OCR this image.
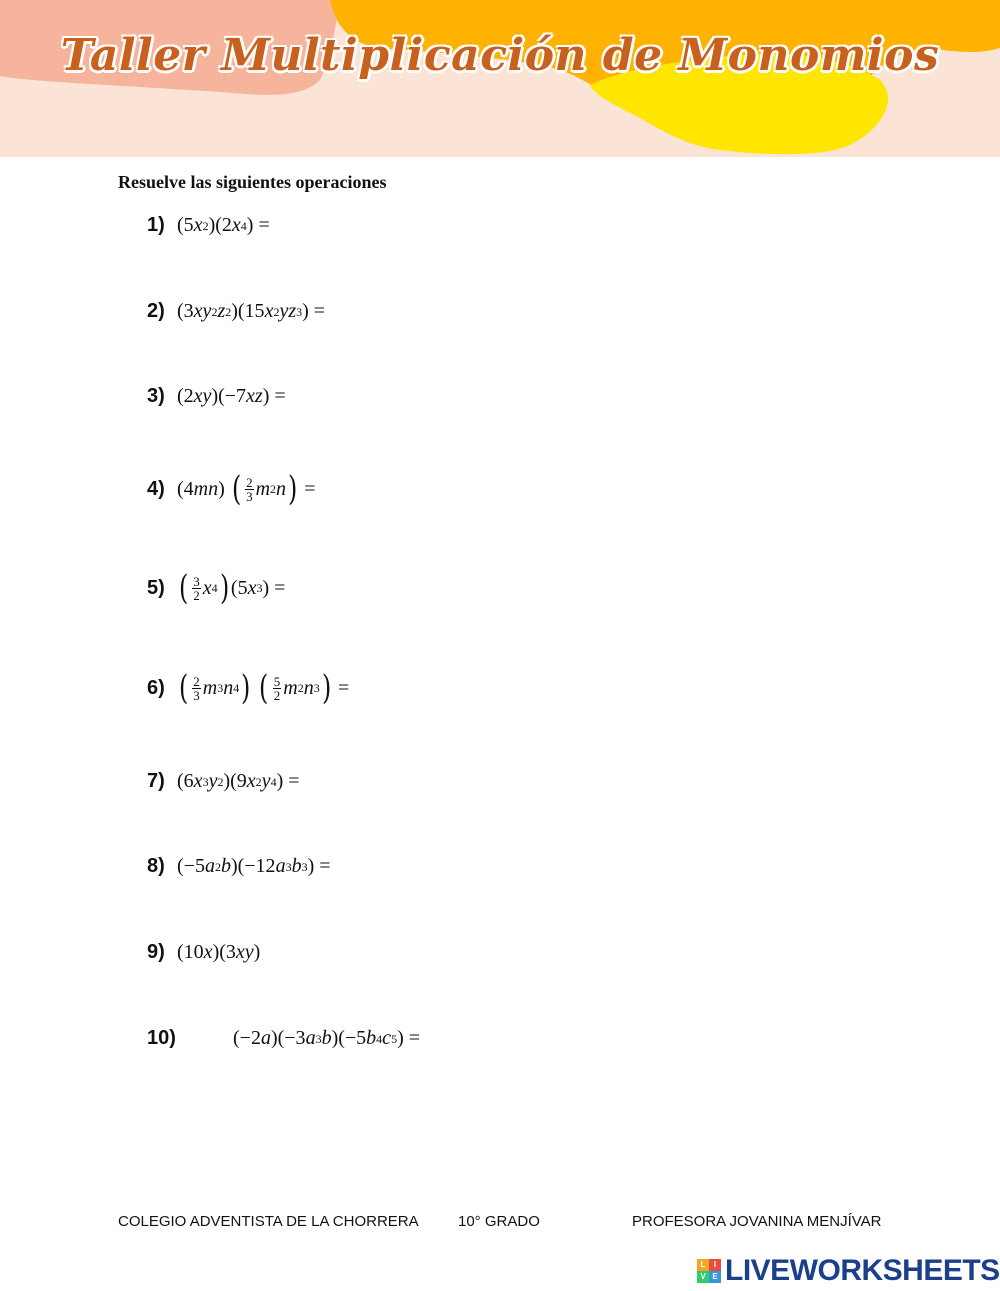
Taller Multiplicación de Monomios
Resuelve las siguientes operaciones
1) (5 x 2 )(2 x 4 ) =
2) (3 xy 2 z 2 )(15 x 2 yz 3 ) =
3) (2 xy )(−7 xz ) =
4) (4 mn ) ( $\frac{2}{3}$ m 2 n ) =
5) ( $\frac{3}{2}$ x 4 ) (5 x 3 ) =
6) ( $\frac{2}{3}$ m 3 n 4 )
( $\frac{5}{2}$ m 2 n 3 ) =
7) (6 x 3 y 2 )(9 x 2 y 4 ) =
8) (−5 a 2 b )(−12 a 3 b 3 ) =
9) (10 x )(3 xy )
10)	(−2 a )(−3 a 3 b )(−5 b 4 c 5 ) =
COLEGIO ADVENTISTA DE LA CHORRERA	10° GRADO	PROFESORA JOVANINA MENJÍVAR
L	I
V E LIVEWORKSHEETS
